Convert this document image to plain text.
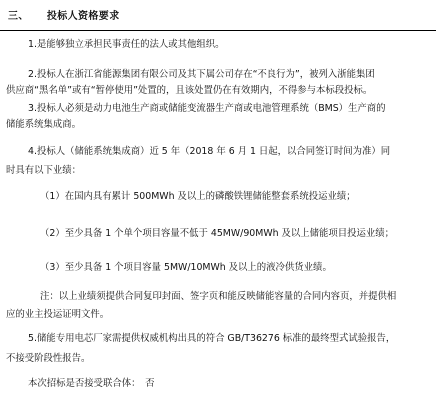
三、 投标人资格要求
1.是能够独立承担民事责任的法人或其他组织。
2.投标人在浙江省能源集团有限公司及其下属公司存在“不良行为”，被列入浙能集团
供应商“黑名单”或有“暂停使用”处置的，且该处置仍在有效期内，不得参与本标段投标。
3.投标人必须是动力电池生产商或储能变流器生产商或电池管理系统（BMS）生产商的
储能系统集成商。
4.投标人（储能系统集成商）近 5 年（2018 年 6 月 1 日起，以合同签订时间为准）同
时具有以下业绩：
（1）在国内具有累计 500MWh 及以上的磷酸铁锂储能整套系统投运业绩；
（2）至少具备 1 个单个项目容量不低于 45MW/90MWh 及以上储能项目投运业绩；
（3）至少具备 1 个项目容量 5MW/10MWh 及以上的液冷供货业绩。
注：以上业绩须提供合同复印封面、签字页和能反映储能容量的合同内容页，并提供相
应的业主投运证明文件。
5.储能专用电芯厂家需提供权威机构出具的符合 GB/T36276 标准的最终型式试验报告，
不接受阶段性报告。
本次招标是否接受联合体：　否
